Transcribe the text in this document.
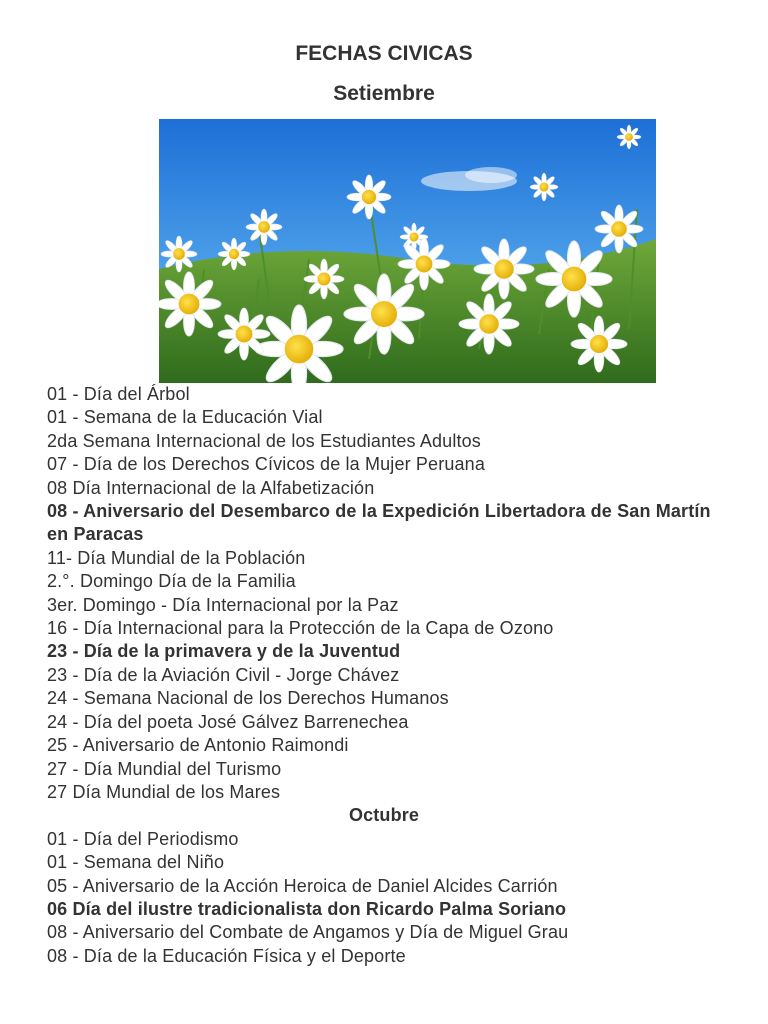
FECHAS CIVICAS
Setiembre
01 - Día del Árbol
01 - Semana de la Educación Vial
2da Semana Internacional de los Estudiantes Adultos
07 - Día de los Derechos Cívicos de la Mujer Peruana
08 Día Internacional de la Alfabetización
08 - Aniversario del Desembarco de la Expedición Libertadora de San Martín en Paracas
11- Día Mundial de la Población
2.°. Domingo Día de la Familia
3er. Domingo - Día Internacional por la Paz
16 - Día Internacional para la Protección de la Capa de Ozono
23 - Día de la primavera y de la Juventud
23 - Día de la Aviación Civil - Jorge Chávez
24 - Semana Nacional de los Derechos Humanos
24 - Día del poeta José Gálvez Barrenechea
25 - Aniversario de Antonio Raimondi
27 - Día Mundial del Turismo
27 Día Mundial de los Mares
Octubre
01 - Día del Periodismo
01 - Semana del Niño
05 - Aniversario de la Acción Heroica de Daniel Alcides Carrión
06 Día del ilustre tradicionalista don Ricardo Palma Soriano
08 - Aniversario del Combate de Angamos y Día de Miguel Grau
08 - Día de la Educación Física y el Deporte
